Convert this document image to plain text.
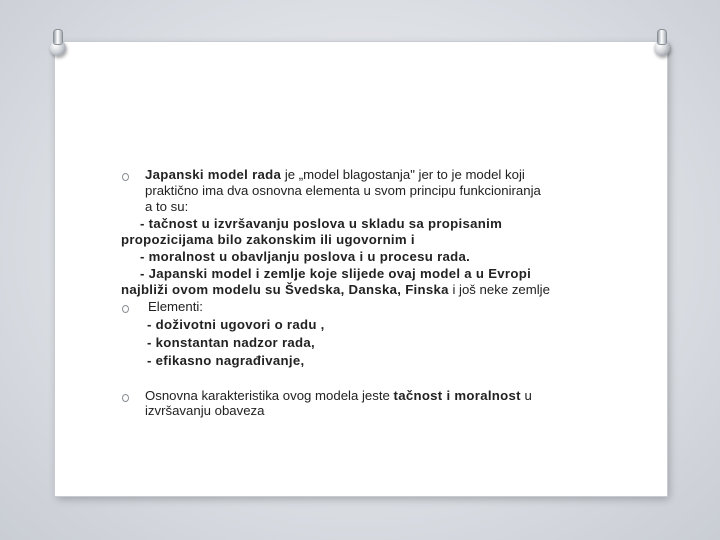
Japanski model rada je „model blagostanja" jer to je model koji
praktično ima dva osnovna elementa u svom principu funkcioniranja
a to su:
- tačnost u izvršavanju poslova u skladu sa propisanim
propozicijama bilo zakonskim ili ugovornim i
- moralnost u obavljanju poslova i u procesu rada.
- Japanski model i zemlje koje slijede ovaj model a u Evropi
najbliži ovom modelu su Švedska, Danska, Finska i još neke zemlje
Elementi:
- doživotni ugovori o radu ,
- konstantan nadzor rada,
- efikasno nagrađivanje,
Osnovna karakteristika ovog modela jeste tačnost i moralnost u
izvršavanju obaveza
